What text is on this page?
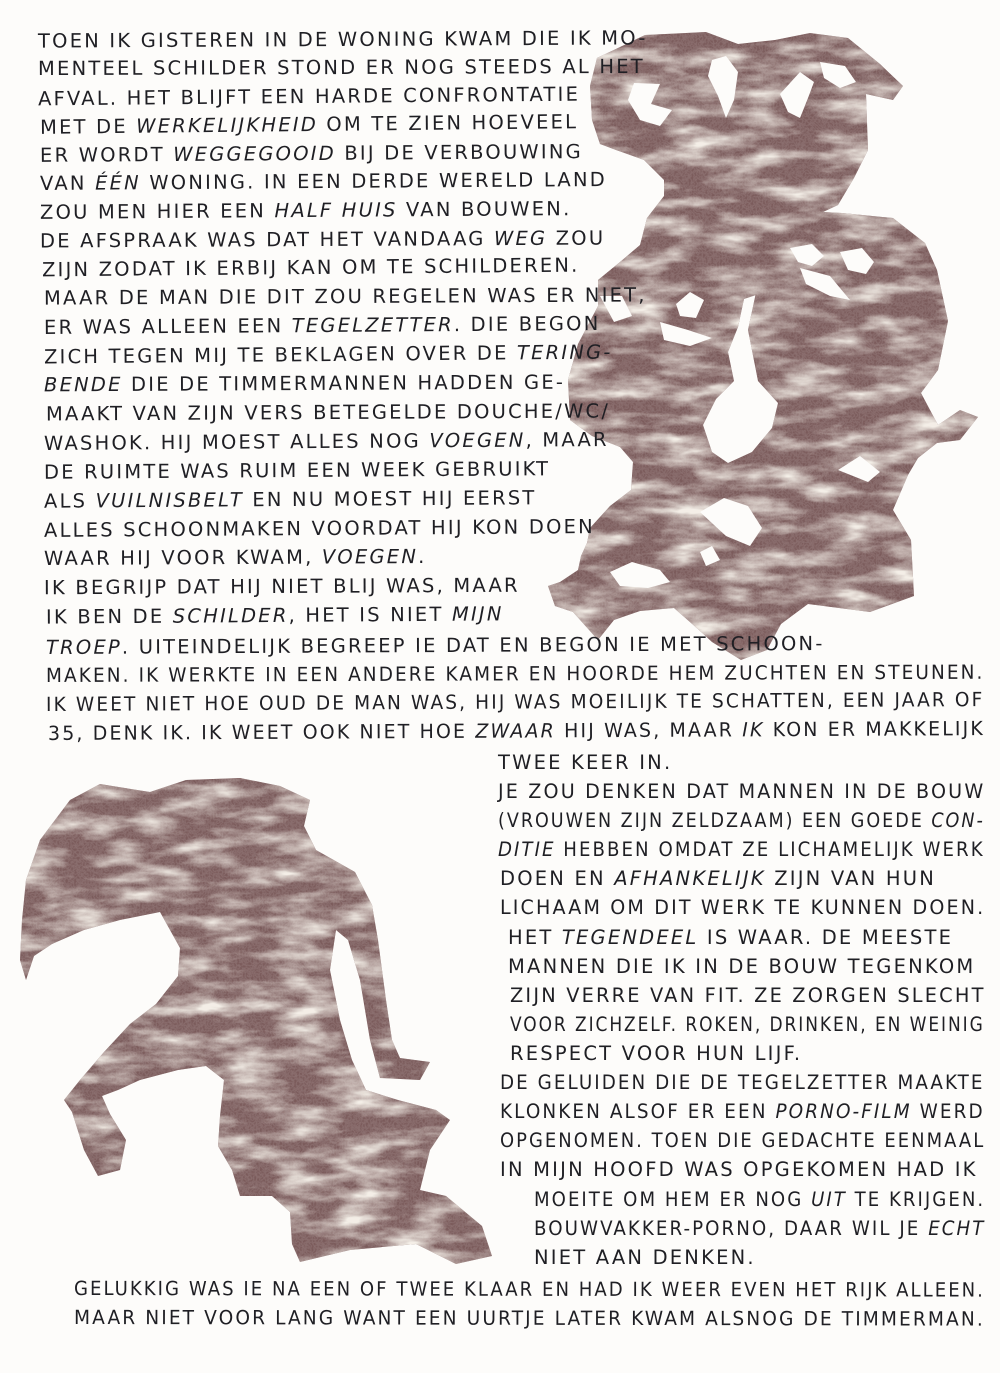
TOEN IK GISTEREN IN DE WONING KWAM DIE IK MO-
MENTEEL SCHILDER STOND ER NOG STEEDS AL HET
AFVAL. HET BLIJFT EEN HARDE CONFRONTATIE
MET DE WERKELIJKHEID OM TE ZIEN HOEVEEL
ER WORDT WEGGEGOOID BIJ DE VERBOUWING
VAN ÉÉN WONING. IN EEN DERDE WERELD LAND
ZOU MEN HIER EEN HALF HUIS VAN BOUWEN.
DE AFSPRAAK WAS DAT HET VANDAAG WEG ZOU
ZIJN ZODAT IK ERBIJ KAN OM TE SCHILDEREN.
MAAR DE MAN DIE DIT ZOU REGELEN WAS ER NIET,
ER WAS ALLEEN EEN TEGELZETTER. DIE BEGON
ZICH TEGEN MIJ TE BEKLAGEN OVER DE TERING-
BENDE DIE DE TIMMERMANNEN HADDEN GE-
MAAKT VAN ZIJN VERS BETEGELDE DOUCHE/WC/
WASHOK. HIJ MOEST ALLES NOG VOEGEN, MAAR
DE RUIMTE WAS RUIM EEN WEEK GEBRUIKT
ALS VUILNISBELT EN NU MOEST HIJ EERST
ALLES SCHOONMAKEN VOORDAT HIJ KON DOEN
WAAR HIJ VOOR KWAM, VOEGEN.
IK BEGRIJP DAT HIJ NIET BLIJ WAS, MAAR
IK BEN DE SCHILDER, HET IS NIET MIJN
TROEP. UITEINDELIJK BEGREEP IE DAT EN BEGON IE MET SCHOON-
MAKEN. IK WERKTE IN EEN ANDERE KAMER EN HOORDE HEM ZUCHTEN EN STEUNEN.
IK WEET NIET HOE OUD DE MAN WAS, HIJ WAS MOEILIJK TE SCHATTEN, EEN JAAR OF
35, DENK IK. IK WEET OOK NIET HOE ZWAAR HIJ WAS, MAAR IK KON ER MAKKELIJK
TWEE KEER IN.
JE ZOU DENKEN DAT MANNEN IN DE BOUW
(VROUWEN ZIJN ZELDZAAM) EEN GOEDE CON-
DITIE HEBBEN OMDAT ZE LICHAMELIJK WERK
DOEN EN AFHANKELIJK ZIJN VAN HUN
LICHAAM OM DIT WERK TE KUNNEN DOEN.
HET TEGENDEEL IS WAAR. DE MEESTE
MANNEN DIE IK IN DE BOUW TEGENKOM
ZIJN VERRE VAN FIT. ZE ZORGEN SLECHT
VOOR ZICHZELF. ROKEN, DRINKEN, EN WEINIG
RESPECT VOOR HUN LIJF.
DE GELUIDEN DIE DE TEGELZETTER MAAKTE
KLONKEN ALSOF ER EEN PORNO-FILM WERD
OPGENOMEN. TOEN DIE GEDACHTE EENMAAL
IN MIJN HOOFD WAS OPGEKOMEN HAD IK
MOEITE OM HEM ER NOG UIT TE KRIJGEN.
BOUWVAKKER-PORNO, DAAR WIL JE ECHT
NIET AAN DENKEN.
GELUKKIG WAS IE NA EEN OF TWEE KLAAR EN HAD IK WEER EVEN HET RIJK ALLEEN.
MAAR NIET VOOR LANG WANT EEN UURTJE LATER KWAM ALSNOG DE TIMMERMAN.
